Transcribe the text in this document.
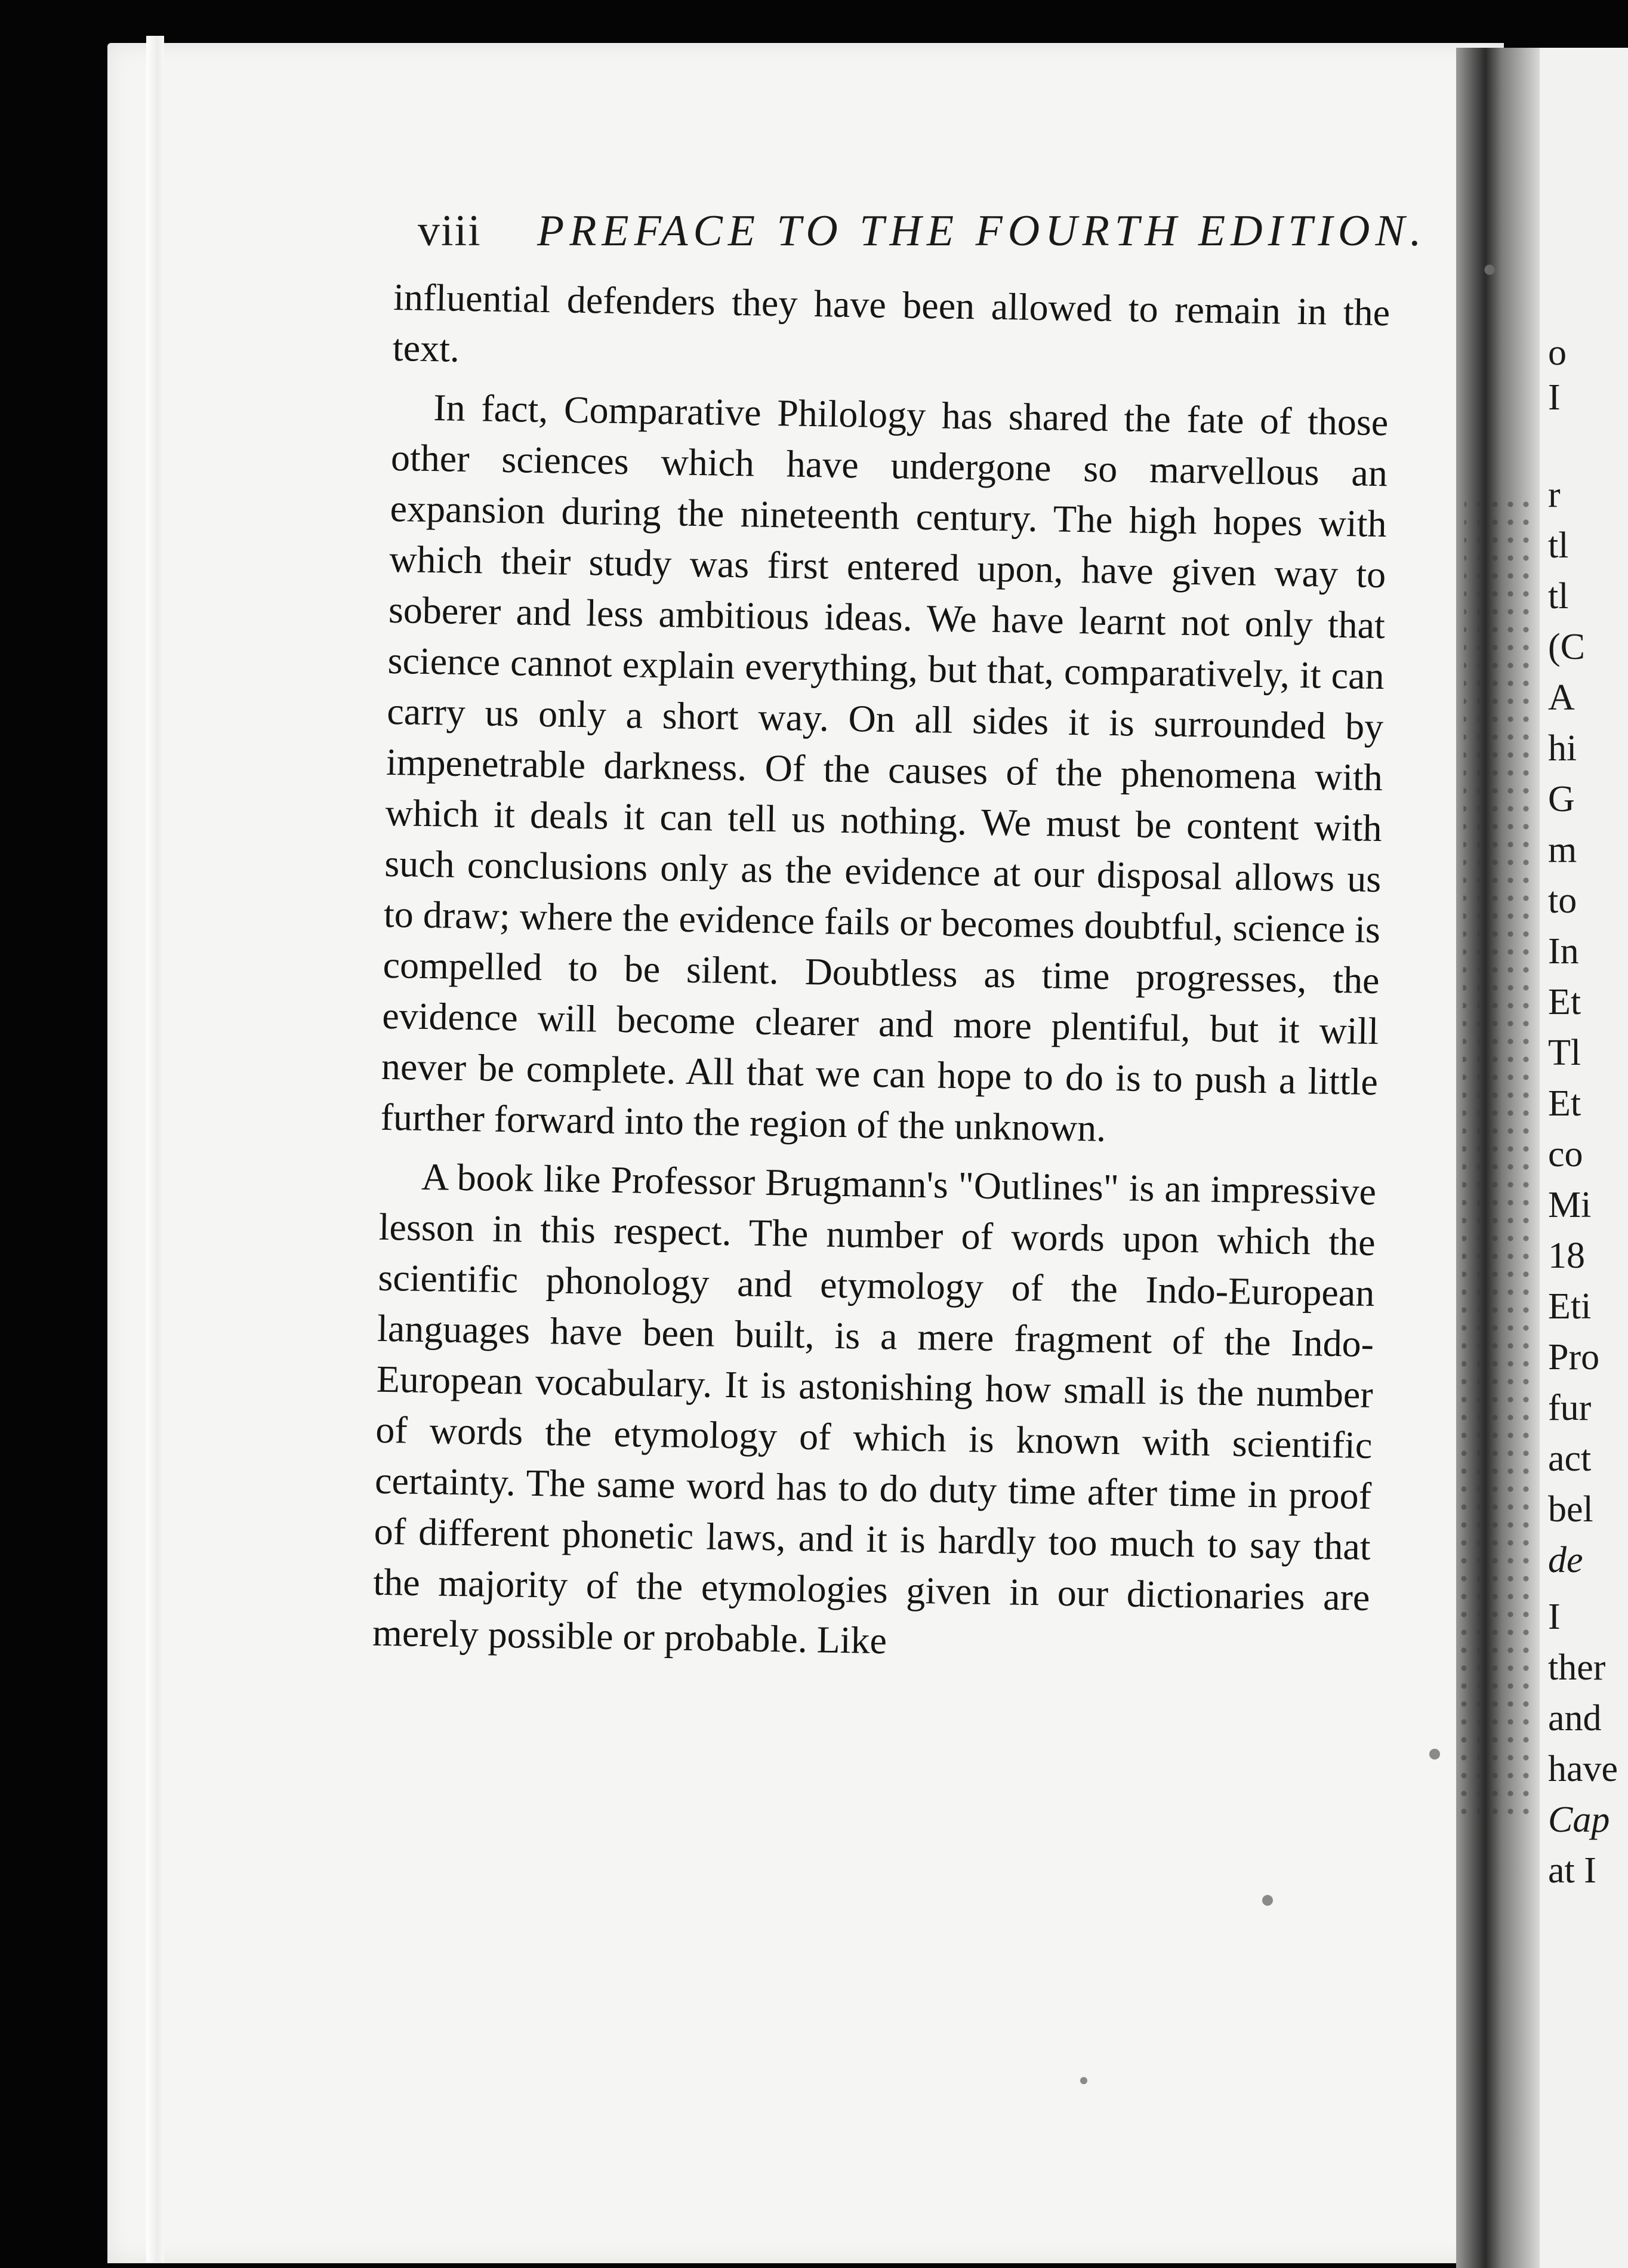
o
I
r
tl
tl
(C
A
hi
G
m
to
In
Et
Tl
Et
co
Mi
18
Eti
Pro
fur
act
bel
de
I
ther
and
have
Cap
at I
viii PREFACE TO THE FOURTH EDITION.

influential defenders they have been allowed to remain in the text.

In fact, Comparative Philology has shared the fate of those other sciences which have undergone so marvellous an expansion during the nineteenth century. The high hopes with which their study was first entered upon, have given way to soberer and less ambitious ideas. We have learnt not only that science cannot explain everything, but that, comparatively, it can carry us only a short way. On all sides it is surrounded by impenetrable darkness. Of the causes of the phenomena with which it deals it can tell us nothing. We must be content with such conclusions only as the evidence at our disposal allows us to draw; where the evidence fails or becomes doubtful, science is compelled to be silent. Doubtless as time progresses, the evidence will become clearer and more plentiful, but it will never be complete. All that we can hope to do is to push a little further forward into the region of the unknown.

A book like Professor Brugmann's "Outlines" is an impressive lesson in this respect. The number of words upon which the scientific phonology and etymology of the Indo-European languages have been built, is a mere fragment of the Indo-European vocabulary. It is astonishing how small is the number of words the etymology of which is known with scientific certainty. The same word has to do duty time after time in proof of different phonetic laws, and it is hardly too much to say that the majority of the etymologies given in our dictionaries are merely possible or probable. Like
